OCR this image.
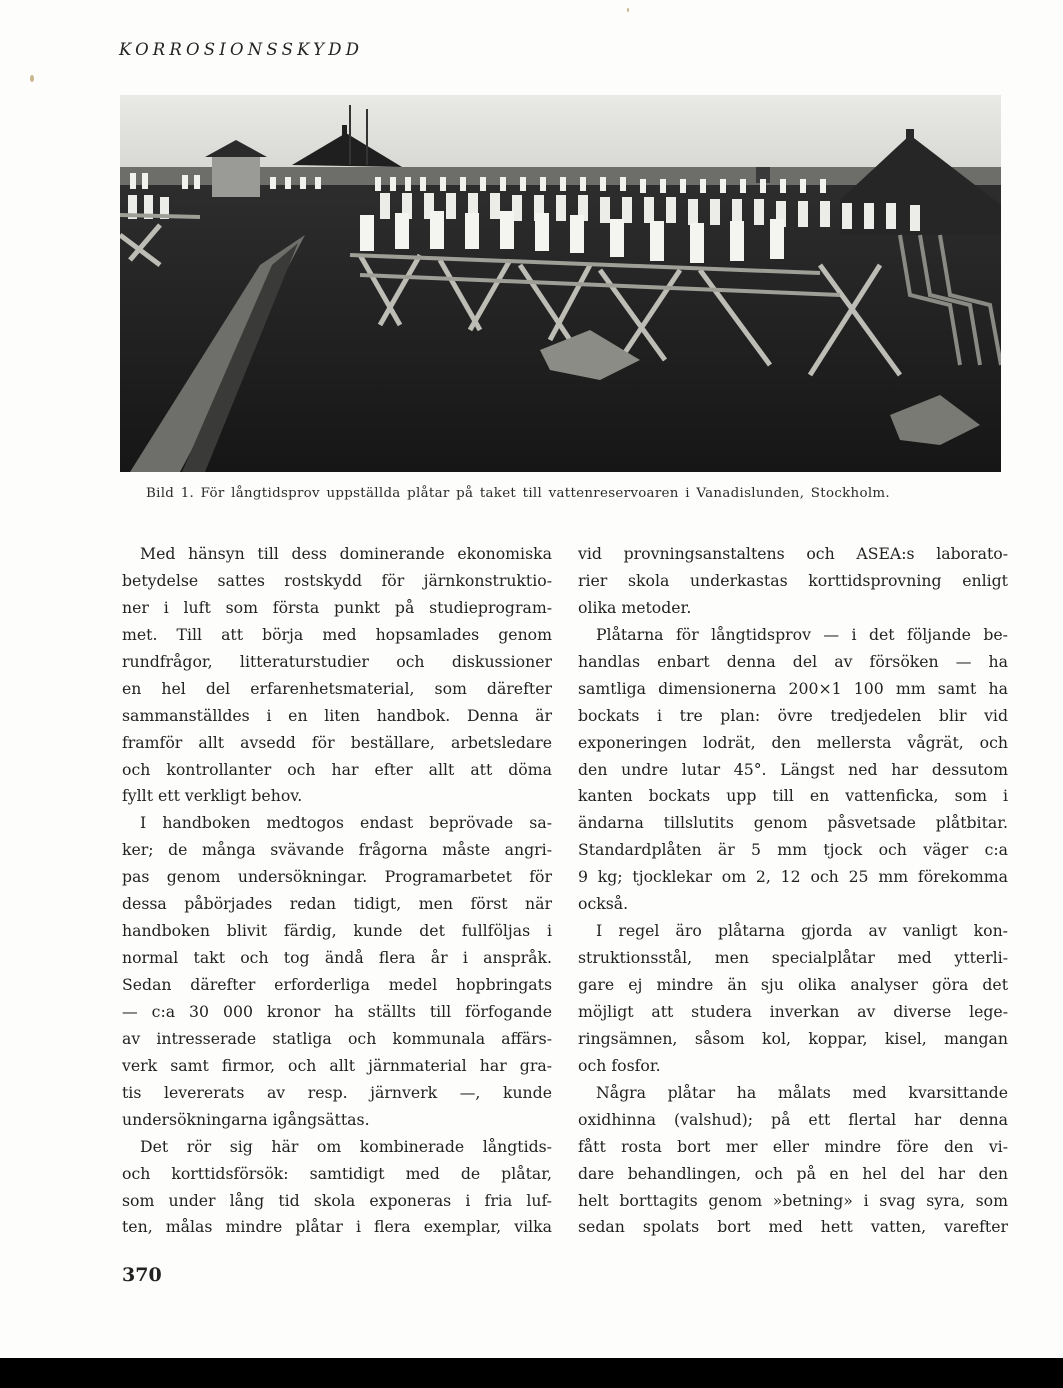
KORROSIONSSKYDD
Bild 1. För långtidsprov uppställda plåtar på taket till vattenreservoaren i Vanadislunden, Stockholm.
Med hänsyn till dess dominerande ekonomiska
betydelse sattes rostskydd för järnkonstruktio-
ner i luft som första punkt på studieprogram-
met. Till att börja med hopsamlades genom
rundfrågor, litteraturstudier och diskussioner
en hel del erfarenhetsmaterial, som därefter
sammanställdes i en liten handbok. Denna är
framför allt avsedd för beställare, arbetsledare
och kontrollanter och har efter allt att döma
fyllt ett verkligt behov.
I handboken medtogos endast beprövade sa-
ker; de många svävande frågorna måste angri-
pas genom undersökningar. Programarbetet för
dessa påbörjades redan tidigt, men först när
handboken blivit färdig, kunde det fullföljas i
normal takt och tog ändå flera år i anspråk.
Sedan därefter erforderliga medel hopbringats
— c:a 30 000 kronor ha ställts till förfogande
av intresserade statliga och kommunala affärs-
verk samt firmor, och allt järnmaterial har gra-
tis levererats av resp. järnverk —, kunde
undersökningarna igångsättas.
Det rör sig här om kombinerade långtids-
och korttidsförsök: samtidigt med de plåtar,
som under lång tid skola exponeras i fria luf-
ten, målas mindre plåtar i flera exemplar, vilka
vid provningsanstaltens och ASEA:s laborato-
rier skola underkastas korttidsprovning enligt
olika metoder.
Plåtarna för långtidsprov — i det följande be-
handlas enbart denna del av försöken — ha
samtliga dimensionerna 200×1 100 mm samt ha
bockats i tre plan: övre tredjedelen blir vid
exponeringen lodrät, den mellersta vågrät, och
den undre lutar 45°. Längst ned har dessutom
kanten bockats upp till en vattenficka, som i
ändarna tillslutits genom påsvetsade plåtbitar.
Standardplåten är 5 mm tjock och väger c:a
9 kg; tjocklekar om 2, 12 och 25 mm förekomma
också.
I regel äro plåtarna gjorda av vanligt kon-
struktionsstål, men specialplåtar med ytterli-
gare ej mindre än sju olika analyser göra det
möjligt att studera inverkan av diverse lege-
ringsämnen, såsom kol, koppar, kisel, mangan
och fosfor.
Några plåtar ha målats med kvarsittande
oxidhinna (valshud); på ett flertal har denna
fått rosta bort mer eller mindre före den vi-
dare behandlingen, och på en hel del har den
helt borttagits genom »betning» i svag syra, som
sedan spolats bort med hett vatten, varefter
370
